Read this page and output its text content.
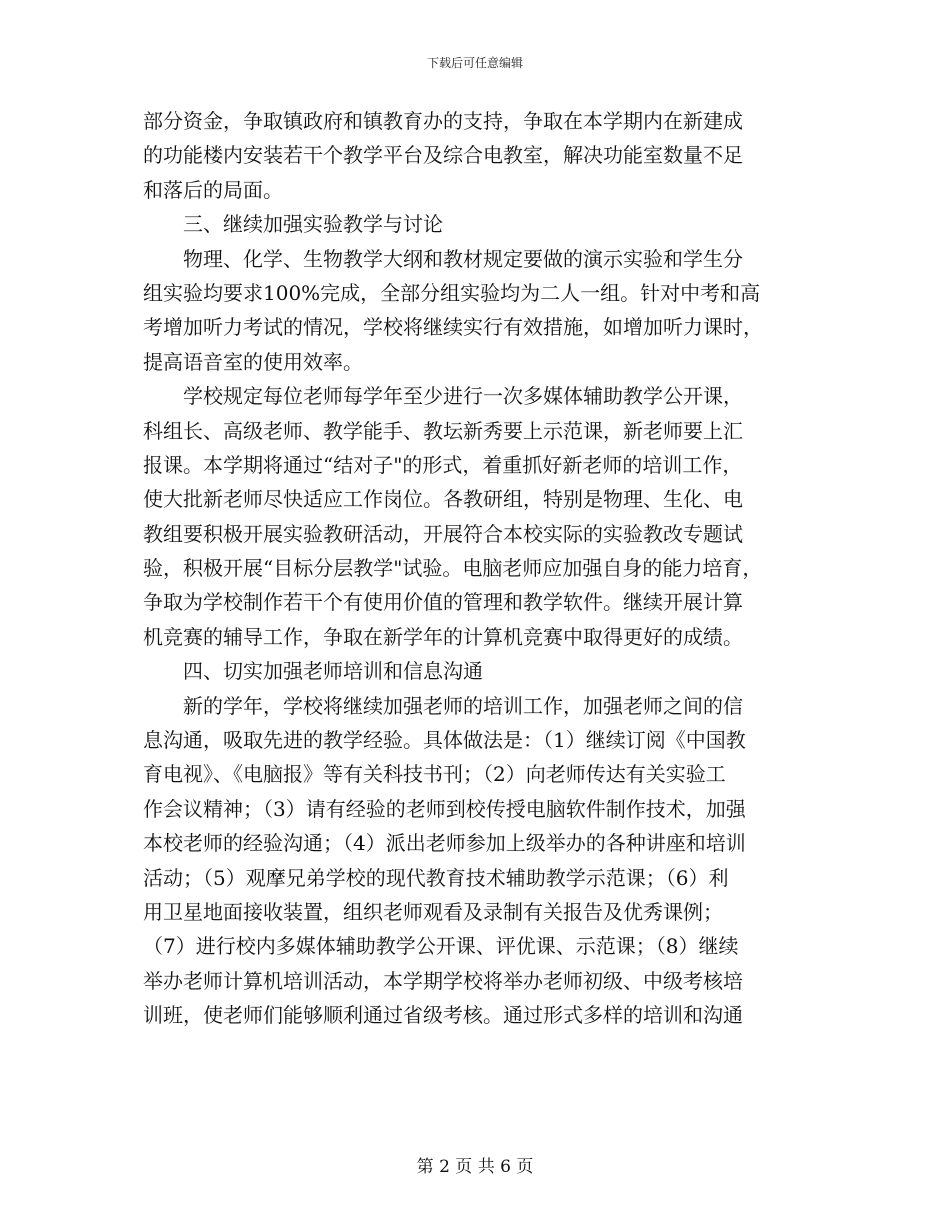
下载后可任意编辑
部分资金，争取镇政府和镇教育办的支持，争取在本学期内在新建成
的功能楼内安装若干个教学平台及综合电教室，解决功能室数量不足
和落后的局面。
三、继续加强实验教学与讨论
物理、化学、生物教学大纲和教材规定要做的演示实验和学生分
组实验均要求100%完成，全部分组实验均为二人一组。针对中考和高
考增加听力考试的情况，学校将继续实行有效措施，如增加听力课时，
提高语音室的使用效率。
学校规定每位老师每学年至少进行一次多媒体辅助教学公开课，
科组长、高级老师、教学能手、教坛新秀要上示范课，新老师要上汇
报课。本学期将通过“结对子"的形式，着重抓好新老师的培训工作，
使大批新老师尽快适应工作岗位。各教研组，特别是物理、生化、电
教组要积极开展实验教研活动，开展符合本校实际的实验教改专题试
验，积极开展“目标分层教学"试验。电脑老师应加强自身的能力培育，
争取为学校制作若干个有使用价值的管理和教学软件。继续开展计算
机竞赛的辅导工作，争取在新学年的计算机竞赛中取得更好的成绩。
四、切实加强老师培训和信息沟通
新的学年，学校将继续加强老师的培训工作，加强老师之间的信
息沟通，吸取先进的教学经验。具体做法是：（1）继续订阅《中国教
育电视》、《电脑报》等有关科技书刊；（2）向老师传达有关实验工
作会议精神；（3）请有经验的老师到校传授电脑软件制作技术，加强
本校老师的经验沟通；（4）派出老师参加上级举办的各种讲座和培训
活动；（5）观摩兄弟学校的现代教育技术辅助教学示范课；（6）利
用卫星地面接收装置，组织老师观看及录制有关报告及优秀课例；
（7）进行校内多媒体辅助教学公开课、评优课、示范课；（8）继续
举办老师计算机培训活动，本学期学校将举办老师初级、中级考核培
训班，使老师们能够顺利通过省级考核。通过形式多样的培训和沟通
第 2 页 共 6 页
